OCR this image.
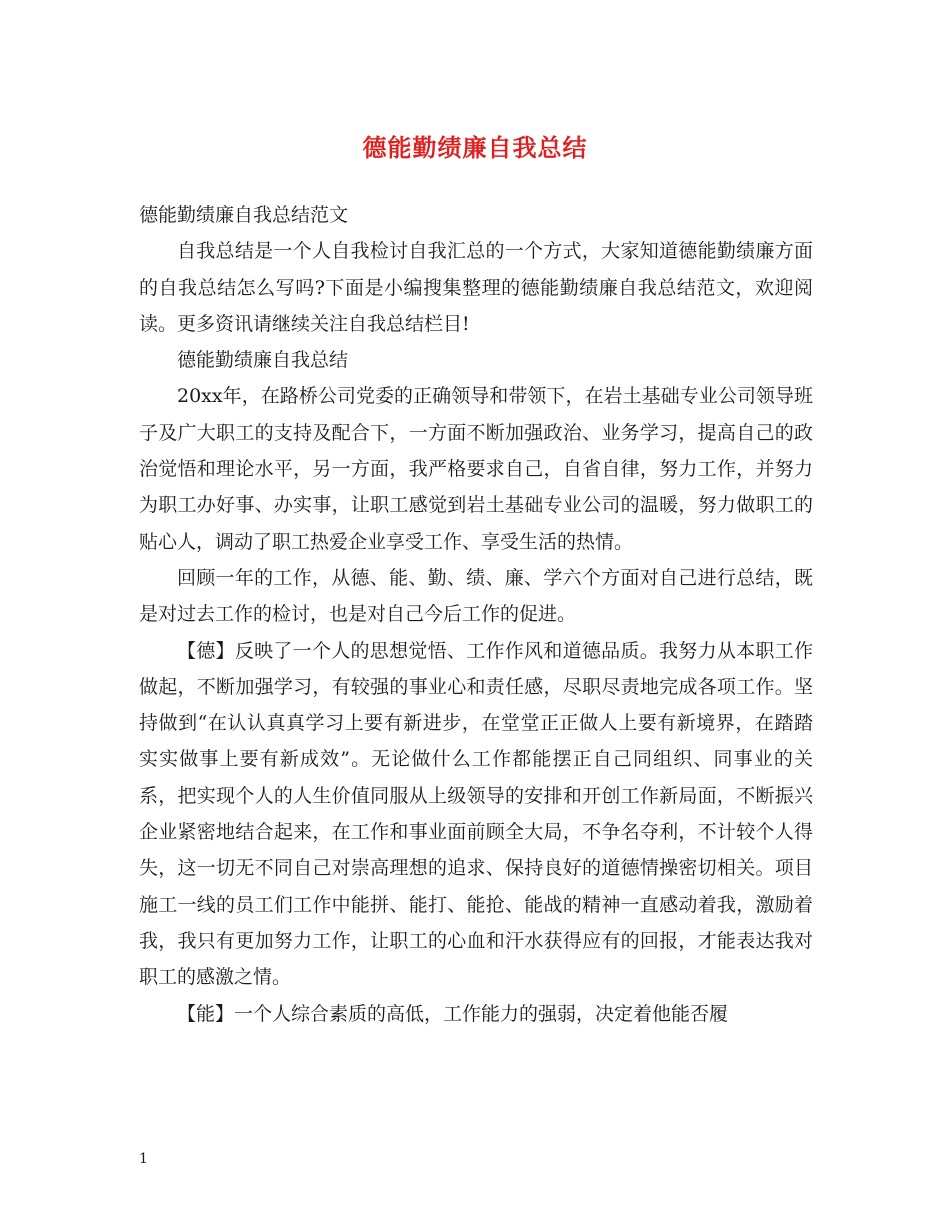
德能勤绩廉自我总结

德能勤绩廉自我总结范文

自我总结是一个人自我检讨自我汇总的一个方式，大家知道德能勤绩廉方面的自我总结怎么写吗?下面是小编搜集整理的德能勤绩廉自我总结范文，欢迎阅读。更多资讯请继续关注自我总结栏目!

德能勤绩廉自我总结

20xx年，在路桥公司党委的正确领导和带领下，在岩土基础专业公司领导班子及广大职工的支持及配合下，一方面不断加强政治、业务学习，提高自己的政治觉悟和理论水平，另一方面，我严格要求自己，自省自律，努力工作，并努力为职工办好事、办实事，让职工感觉到岩土基础专业公司的温暖，努力做职工的贴心人，调动了职工热爱企业享受工作、享受生活的热情。

回顾一年的工作，从德、能、勤、绩、廉、学六个方面对自己进行总结，既是对过去工作的检讨，也是对自己今后工作的促进。

【德】反映了一个人的思想觉悟、工作作风和道德品质。我努力从本职工作做起，不断加强学习，有较强的事业心和责任感，尽职尽责地完成各项工作。坚持做到“在认认真真学习上要有新进步，在堂堂正正做人上要有新境界，在踏踏实实做事上要有新成效”。无论做什么工作都能摆正自己同组织、同事业的关系，把实现个人的人生价值同服从上级领导的安排和开创工作新局面，不断振兴企业紧密地结合起来，在工作和事业面前顾全大局，不争名夺利，不计较个人得失，这一切无不同自己对崇高理想的追求、保持良好的道德情操密切相关。项目施工一线的员工们工作中能拼、能打、能抢、能战的精神一直感动着我，激励着我，我只有更加努力工作，让职工的心血和汗水获得应有的回报，才能表达我对职工的感激之情。

【能】一个人综合素质的高低，工作能力的强弱，决定着他能否履

1
